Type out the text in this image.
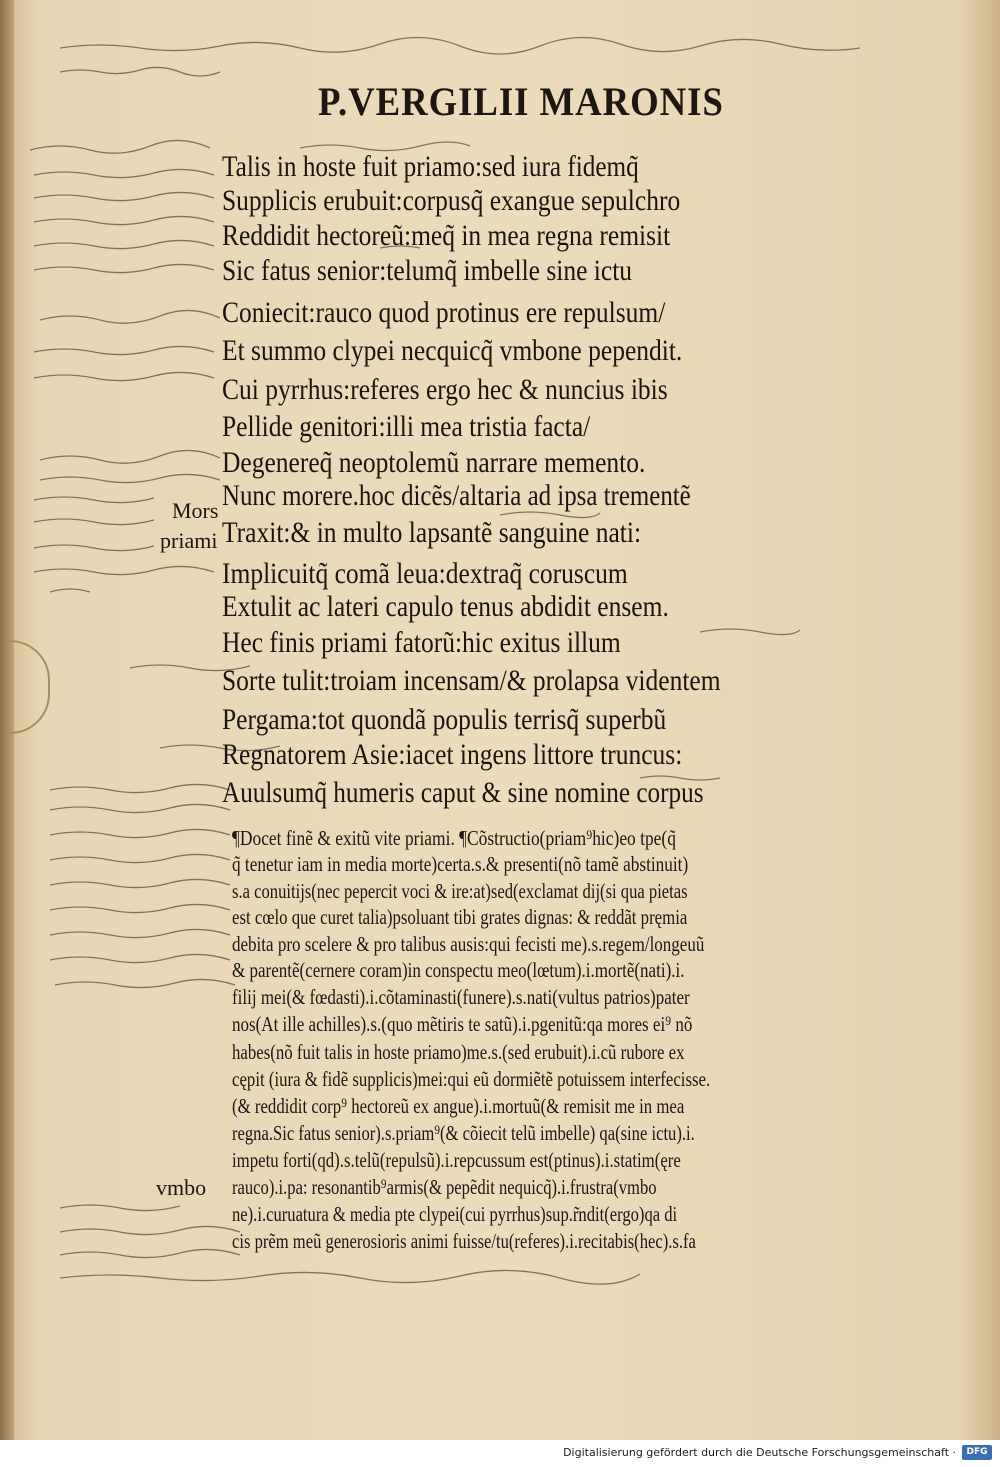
P.VERGILII MARONIS
Talis in hoste fuit priamo:sed iura fidemq̃
Supplicis erubuit:corpusq̃ exangue sepulchro
Reddidit hectoreũ:meq̃ in mea regna remisit
Sic fatus senior:telumq̃ imbelle sine ictu
Coniecit:rauco quod protinus ere repulsum/
Et summo clypei necquicq̃ vmbone pependit.
Cui pyrrhus:referes ergo hec & nuncius ibis
Pellide genitori:illi mea tristia facta/
Degenereq̃ neoptolemũ narrare memento.
Nunc morere.hoc dicẽs/altaria ad ipsa trementẽ
Traxit:& in multo lapsantẽ sanguine nati:
Implicuitq̃ comã leua:dextraq̃ coruscum
Extulit ac lateri capulo tenus abdidit ensem.
Hec finis priami fatorũ:hic exitus illum
Sorte tulit:troiam incensam/& prolapsa videntem
Pergama:tot quondã populis terrisq̃ superbũ
Regnatorem Asie:iacet ingens littore truncus:
Auulsumq̃ humeris caput & sine nomine corpus
Mors
priami
vmbo
¶Docet finẽ & exitũ vite priami. ¶Cõstructio(priam⁹hic)eo tpe(q̃
q̃ tenetur iam in media morte)certa.s.& presenti(nõ tamẽ abstinuit)
s.a conuitijs(nec pepercit voci & ire:at)sed(exclamat dij(si qua pietas
est cœlo que curet talia)psoluant tibi grates dignas: & reddãt pręmia
debita pro scelere & pro talibus ausis:qui fecisti me).s.regem/longeuũ
& parentẽ(cernere coram)in conspectu meo(lœtum).i.mortẽ(nati).i.
filij mei(& fœdasti).i.cõtaminasti(funere).s.nati(vultus patrios)pater
nos(At ille achilles).s.(quo mẽtiris te satũ).i.pgenitũ:qa mores ei⁹ nõ
habes(nõ fuit talis in hoste priamo)me.s.(sed erubuit).i.cũ rubore ex
cępit (iura & fidẽ supplicis)mei:qui eũ dormiẽtẽ potuissem interfecisse.
(& reddidit corp⁹ hectoreũ ex angue).i.mortuũ(& remisit me in mea
regna.Sic fatus senior).s.priam⁹(& cõiecit telũ imbelle) qa(sine ictu).i.
impetu forti(qd).s.telũ(repulsũ).i.repcussum est(ptinus).i.statim(ęre
rauco).i.pa: resonantib⁹armis(& pepẽdit nequicq̃).i.frustra(vmbo
ne).i.curuatura & media pte clypei(cui pyrrhus)sup.r̃ndit(ergo)qa di
cis prẽm meũ generosioris animi fuisse/tu(referes).i.recitabis(hec).s.fa
Digitalisierung gefördert durch die Deutsche Forschungsgemeinschaft ·	DFG
